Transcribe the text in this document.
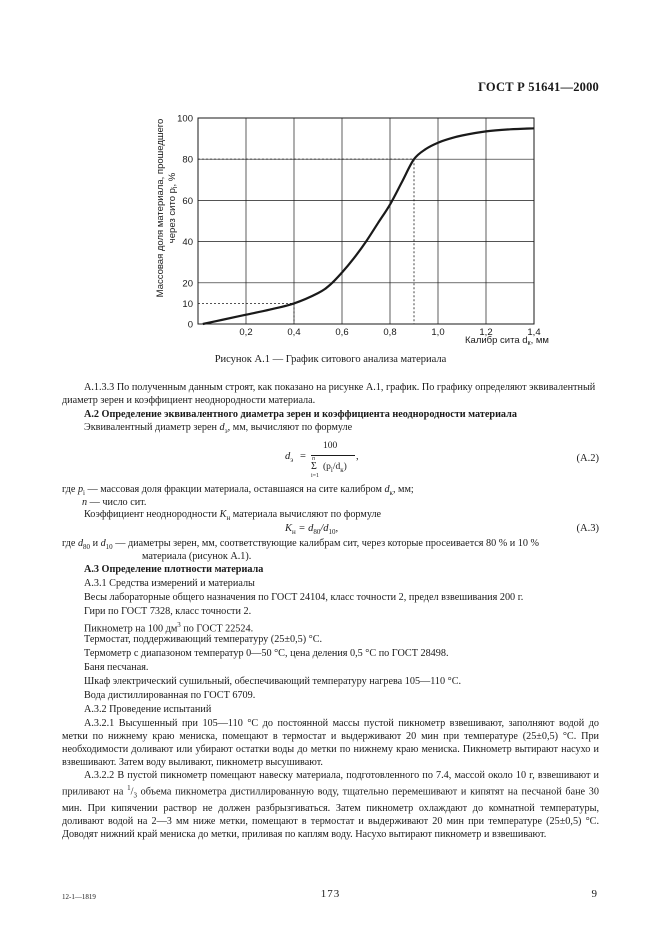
ГОСТ Р 51641—2000
0
10
20
40
60
80
100
0,2	0,4	0,6	0,8	1,0	1,2	1,4
Массовая доля материала, прошедшего через сито $p_i$, %
Калибр сита $d_к$, мм
Рисунок А.1 — График ситового анализа материала
А.1.3.3 По полученным данным строят, как показано на рисунке А.1, график. По графику определяют эквивалентный диаметр зерен и коэффициент неоднородности материала.
А.2 Определение эквивалентного диаметра зерен и коэффициента неоднородности материала
Эквивалентный диаметр зерен $d_э$, мм, вычисляют по формуле
$d_э$ =
100
n
Σ
i=1
$(p_i/d_к)$
,	(А.2)
где $p_i$ — массовая доля фракции материала, оставшаяся на сите калибром $d_к$, мм;
n — число сит.
Коэффициент неоднородности $K_н$ материала вычисляют по формуле
$K_н = d_{80}/d_{10}$,	(А.3)
где $d_{80}$ и $d_{10}$ — диаметры зерен, мм, соответствующие калибрам сит, через которые просеивается 80 % и 10 %
материала (рисунок А.1).
А.3 Определение плотности материала
А.3.1 Средства измерений и материалы
Весы лабораторные общего назначения по ГОСТ 24104, класс точности 2, предел взвешивания 200 г.
Гири по ГОСТ 7328, класс точности 2.
Пикнометр на 100 $дм^3$ по ГОСТ 22524.
Термостат, поддерживающий температуру (25±0,5) °С.
Термометр с диапазоном температур 0—50 °С, цена деления 0,5 °С по ГОСТ 28498.
Баня песчаная.
Шкаф электрический сушильный, обеспечивающий температуру нагрева 105—110 °С.
Вода дистиллированная по ГОСТ 6709.
А.3.2 Проведение испытаний
А.3.2.1 Высушенный при 105—110 °С до постоянной массы пустой пикнометр взвешивают, заполняют водой до метки по нижнему краю мениска, помещают в термостат и выдерживают 20 мин при температуре (25±0,5) °С. При необходимости доливают или убирают остатки воды до метки по нижнему краю мениска. Пикнометр вытирают насухо и взвешивают. Затем воду выливают, пикнометр высушивают.
А.3.2.2 В пустой пикнометр помещают навеску материала, подготовленного по 7.4, массой около 10 г, взвешивают и приливают на $^1/_3$ объема пикнометра дистиллированную воду, тщательно перемешивают и кипятят на песчаной бане 30 мин. При кипячении раствор не должен разбрызгиваться. Затем пикнометр охлаждают до комнатной температуры, доливают водой на 2—3 мм ниже метки, помещают в термостат и выдерживают 20 мин при температуре (25±0,5) °С. Доводят нижний край мениска до метки, приливая по каплям воду. Насухо вытирают пикнометр и взвешивают.
12-1—1819	173	9
